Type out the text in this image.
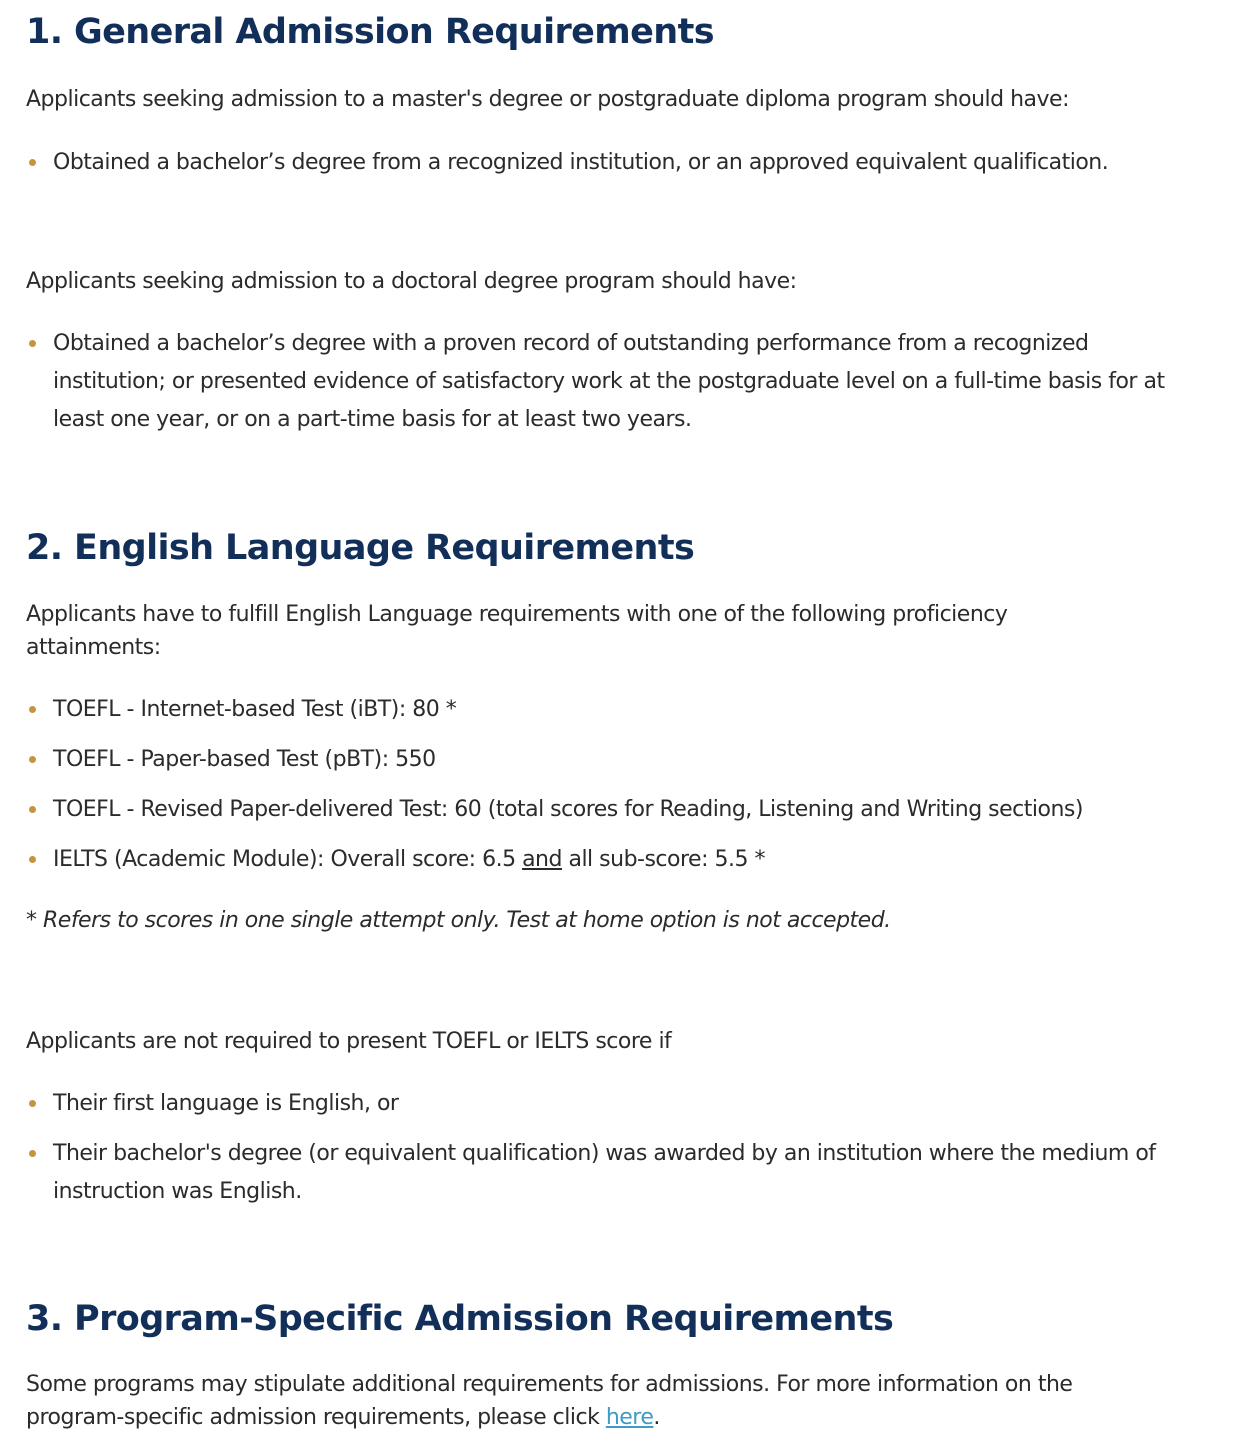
1. General Admission Requirements

Applicants seeking admission to a master's degree or postgraduate diploma program should have:

Obtained a bachelor’s degree from a recognized institution, or an approved equivalent qualification.

Applicants seeking admission to a doctoral degree program should have:

Obtained a bachelor’s degree with a proven record of outstanding performance from a recognized institution; or presented evidence of satisfactory work at the postgraduate level on a full-time basis for at least one year, or on a part-time basis for at least two years.
2. English Language Requirements

Applicants have to fulfill English Language requirements with one of the following proficiency attainments:

TOEFL - Internet-based Test (iBT): 80 *
TOEFL - Paper-based Test (pBT): 550
TOEFL - Revised Paper-delivered Test: 60 (total scores for Reading, Listening and Writing sections)
IELTS (Academic Module): Overall score: 6.5 and all sub-score: 5.5 *

* Refers to scores in one single attempt only. Test at home option is not accepted.

Applicants are not required to present TOEFL or IELTS score if

Their first language is English, or
Their bachelor's degree (or equivalent qualification) was awarded by an institution where the medium of instruction was English.
3. Program-Specific Admission Requirements

Some programs may stipulate additional requirements for admissions. For more information on the program-specific admission requirements, please click here.
